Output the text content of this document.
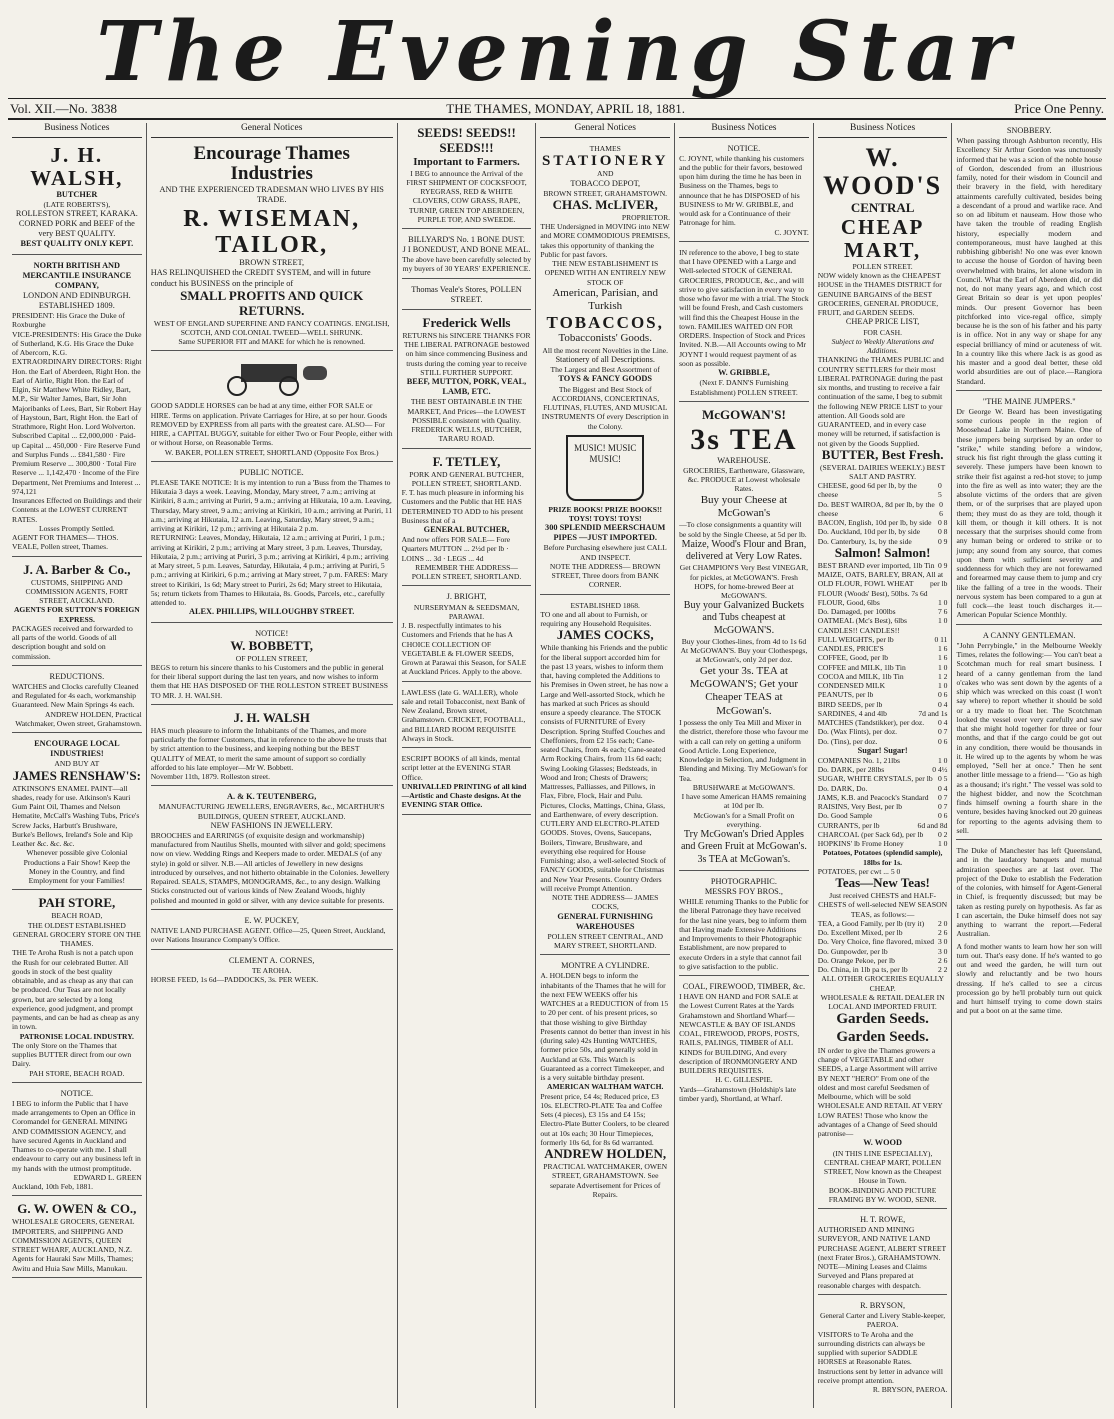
The Evening Star
Vol. XII.—No. 3838	THE THAMES, MONDAY, APRIL 18, 1881.	Price One Penny.
Business Notices
J. H. WALSH,
BUTCHER
(LATE ROBERTS'S),
ROLLESTON STREET, KARAKA.
CORNED PORK and BEEF of the very BEST QUALITY.
BEST QUALITY ONLY KEPT.
NORTH BRITISH AND MERCANTILE INSURANCE COMPANY,
LONDON AND EDINBURGH.
ESTABLISHED 1809.
PRESIDENT: His Grace the Duke of Roxburghe
VICE-PRESIDENTS: His Grace the Duke of Sutherland, K.G. His Grace the Duke of Abercorn, K.G.
EXTRAORDINARY DIRECTORS: Right Hon. the Earl of Aberdeen, Right Hon. the Earl of Airlie, Right Hon. the Earl of Elgin, Sir Matthew White Ridley, Bart, M.P., Sir Walter James, Bart, Sir John Majoribanks of Lees, Bart, Sir Robert Hay of Haystoun, Bart, Right Hon. the Earl of Strathmore, Right Hon. Lord Wolverton.
Subscribed Capital ... £2,000,000 · Paid-up Capital ... 450,000 · Fire Reserve Fund and Surplus Funds ... £841,580 · Fire Premium Reserve ... 300,800 · Total Fire Reserve ... 1,142,470 · Income of the Fire Department, Net Premiums and Interest ... 974,121
Insurances Effected on Buildings and their Contents at the LOWEST CURRENT RATES.
Losses Promptly Settled.
AGENT FOR THAMES— THOS. VEALE, Pollen street, Thames.
J. A. Barber & Co.,
CUSTOMS, SHIPPING AND COMMISSION AGENTS, FORT STREET, AUCKLAND.
AGENTS FOR SUTTON'S FOREIGN EXPRESS.
PACKAGES received and forwarded to all parts of the world. Goods of all description bought and sold on commission.
REDUCTIONS.
WATCHES and Clocks carefully Cleaned and Regulated for 4s each, workmanship Guaranteed. New Main Springs 4s each.
ANDREW HOLDEN, Practical Watchmaker, Owen street, Grahamstown.
ENCOURAGE LOCAL INDUSTRIES!
AND BUY AT
JAMES RENSHAW'S:
ATKINSON'S ENAMEL PAINT—all shades, ready for use. Atkinson's Kauri Gum Paint Oil, Thames and Nelson Hematite, McCall's Washing Tubs, Price's Screw Jacks, Harbutt's Brushware, Burke's Bellows, Ireland's Sole and Kip Leather &c. &c. &c.
Whenever possible give Colonial Productions a Fair Show! Keep the Money in the Country, and find Employment for your Families!
PAH STORE,
BEACH ROAD,
THE OLDEST ESTABLISHED GENERAL GROCERY STORE ON THE THAMES.
THE Te Aroha Rush is not a patch upon the Rush for our celebrated Butter. All goods in stock of the best quality obtainable, and as cheap as any that can be produced. Our Teas are not locally grown, but are selected by a long experience, good judgment, and prompt payments, and can be had as cheap as any in town.
PATRONISE LOCAL INDUSTRY.
The only Store on the Thames that supplies BUTTER direct from our own Dairy.
PAH STORE, BEACH ROAD.
NOTICE.
I BEG to inform the Public that I have made arrangements to Open an Office in Coromandel for GENERAL MINING AND COMMISSION AGENCY, and have secured Agents in Auckland and Thames to co-operate with me. I shall endeavour to carry out any business left in my hands with the utmost promptitude.
EDWARD L. GREEN
Auckland, 10th Feb, 1881.
G. W. OWEN & CO.,
WHOLESALE GROCERS, GENERAL IMPORTERS, and SHIPPING AND COMMISSION AGENTS, QUEEN STREET WHARF, AUCKLAND, N.Z.
Agents for Hauraki Saw Mills, Thames; Awitu and Huia Saw Mills, Manukau.
General Notices
Encourage Thames Industries
AND THE EXPERIENCED TRADESMAN WHO LIVES BY HIS TRADE.
R. WISEMAN, TAILOR,
BROWN STREET,
HAS RELINQUISHED the CREDIT SYSTEM, and will in future conduct his BUSINESS on the principle of
SMALL PROFITS AND QUICK RETURNS.
WEST OF ENGLAND SUPERFINE AND FANCY COATINGS. ENGLISH, SCOTCH, AND COLONIAL TWEED—WELL SHRUNK.
Same SUPERIOR FIT and MAKE for which he is renowned.
GOOD SADDLE HORSES can be had at any time, either FOR SALE or HIRE. Terms on application. Private Carriages for Hire, at so per hour. Goods REMOVED by EXPRESS from all parts with the greatest care. ALSO— For HIRE, a CAPITAL BUGGY, suitable for either Two or Four People, either with or without Horse, on Reasonable Terms.
W. BAKER, POLLEN STREET, SHORTLAND (Opposite Fox Bros.)
PUBLIC NOTICE.
PLEASE TAKE NOTICE: It is my intention to run a 'Buss from the Thames to Hikutaia 3 days a week. Leaving, Monday, Mary street, 7 a.m.; arriving at Kirikiri, 8 a.m.; arriving at Puriri, 9 a.m.; arriving at Hikutaia, 10 a.m. Leaving, Thursday, Mary street, 9 a.m.; arriving at Kirikiri, 10 a.m.; arriving at Puriri, 11 a.m.; arriving at Hikutaia, 12 a.m. Leaving, Saturday, Mary street, 9 a.m.; arriving at Kirikiri, 12 p.m.; arriving at Hikutaia 2 p.m.
RETURNING: Leaves, Monday, Hikutaia, 12 a.m.; arriving at Puriri, 1 p.m.; arriving at Kirikiri, 2 p.m.; arriving at Mary street, 3 p.m. Leaves, Thursday, Hikutaia, 2 p.m.; arriving at Puriri, 3 p.m.; arriving at Kirikiri, 4 p.m.; arriving at Mary street, 5 p.m. Leaves, Saturday, Hikutaia, 4 p.m.; arriving at Puriri, 5 p.m.; arriving at Kirikiri, 6 p.m.; arriving at Mary street, 7 p.m. FARES: Mary street to Kirikiri, 1s 6d; Mary street to Puriri, 2s 6d; Mary street to Hikutaia, 5s; return tickets from Thames to Hikutaia, 8s. Goods, Parcels, etc., carefully attended to.
ALEX. PHILLIPS, WILLOUGHBY STREET.
NOTICE!
W. BOBBETT,
OF POLLEN STREET,
BEGS to return his sincere thanks to his Customers and the public in general for their liberal support during the last ten years, and now wishes to inform them that HE HAS DISPOSED OF THE ROLLESTON STREET BUSINESS TO MR. J. H. WALSH.
J. H. WALSH
HAS much pleasure to inform the Inhabitants of the Thames, and more particularly the former Customers, that in reference to the above he trusts that by strict attention to the business, and keeping nothing but the BEST QUALITY of MEAT, to merit the same amount of support so cordially afforded to his late employer—Mr W. Bobbett.
November 11th, 1879. Rolleston street.
A. & K. TEUTENBERG,
MANUFACTURING JEWELLERS, ENGRAVERS, &c., MCARTHUR'S BUILDINGS, QUEEN STREET, AUCKLAND.
NEW FASHIONS IN JEWELLERY.
BROOCHES and EARRINGS (of exquisite design and workmanship) manufactured from Nautilus Shells, mounted with silver and gold; specimens now on view. Wedding Rings and Keepers made to order. MEDALS (of any style) in gold or silver. N.B.—All articles of Jewellery in new designs introduced by ourselves, and not hitherto obtainable in the Colonies. Jewellery Repaired. SEALS, STAMPS, MONOGRAMS, &c., to any design. Walking Sticks constructed out of various kinds of New Zealand Woods, highly polished and mounted in gold or silver, with any device suitable for presents.
E. W. PUCKEY,
NATIVE LAND PURCHASE AGENT. Office—25, Queen Street, Auckland, over Nations Insurance Company's Office.
CLEMENT A. CORNES,
TE AROHA.
HORSE FEED, 1s 6d—PADDOCKS, 3s. PER WEEK.
SEEDS! SEEDS!! SEEDS!!!
Important to Farmers.
I BEG to announce the Arrival of the FIRST SHIPMENT OF COCKSFOOT, RYEGRASS, RED & WHITE CLOVERS, COW GRASS, RAPE, TURNIP, GREEN TOP ABERDEEN, PURPLE TOP, AND SWEEDE.
BILLYARD'S No. 1 BONE DUST.
J I BONEDUST, AND BONE MEAL.
The above have been carefully selected by my buyers of 30 YEARS' EXPERIENCE.
Thomas Veale's Stores, POLLEN STREET.
Frederick Wells
RETURNS his SINCERE THANKS FOR THE LIBERAL PATRONAGE bestowed on him since commencing Business and trusts during the coming year to receive STILL FURTHER SUPPORT.
BEEF, MUTTON, PORK, VEAL, LAMB, ETC.
THE BEST OBTAINABLE IN THE MARKET, And Prices—the LOWEST POSSIBLE consistent with Quality.
FREDERICK WELLS, BUTCHER, TARARU ROAD.
F. TETLEY,
PORK AND GENERAL BUTCHER, POLLEN STREET, SHORTLAND.
F. T. has much pleasure in informing his Customers and the Public that HE HAS DETERMINED TO ADD to his present Business that of a
GENERAL BUTCHER,
And now offers FOR SALE— Fore Quarters MUTTON ... 2½d per lb · LOINS ... 3d · LEGS ... 4d
REMEMBER THE ADDRESS— POLLEN STREET, SHORTLAND.
J. BRIGHT,
NURSERYMAN & SEEDSMAN, PARAWAI.
J. B. respectfully intimates to his Customers and Friends that he has A CHOICE COLLECTION OF VEGETABLE & FLOWER SEEDS, Grown at Parawai this Season, for SALE at Auckland Prices. Apply to the above.
LAWLESS (late G. WALLER), whole sale and retail Tobacconist, next Bank of New Zealand, Brown street, Grahamstown. CRICKET, FOOTBALL, and BILLIARD ROOM REQUISITE Always in Stock.
ESCRIPT BOOKS of all kinds, mental script letter at the EVENING STAR Office.
UNRIVALLED PRINTING of all kind —Artistic and Chaste designs. At the EVENING STAR Office.
General Notices
THAMES
STATIONERY
AND
TOBACCO DEPOT,
BROWN STREET, GRAHAMSTOWN.
CHAS. McLIVER,
PROPRIETOR.
THE Undersigned in MOVING into NEW and MORE COMMODIOUS PREMISES, takes this opportunity of thanking the Public for past favors.
THE NEW ESTABLISHMENT IS OPENED WITH AN ENTIRELY NEW STOCK OF
American, Parisian, and Turkish
TOBACCOS,
Tobacconists' Goods.
All the most recent Novelties in the Line.
Stationery of all Descriptions.
The Largest and Best Assortment of
TOYS & FANCY GOODS
The Biggest and Best Stock of ACCORDIANS, CONCERTINAS, FLUTINAS, FLUTES, AND MUSICAL INSTRUMENTS Of every Description in the Colony.
MUSIC! MUSIC MUSIC!
PRIZE BOOKS! PRIZE BOOKS!! TOYS! TOYS! TOYS!
300 SPLENDID MEERSCHAUM PIPES —JUST IMPORTED.
Before Purchasing elsewhere just CALL AND INSPECT.
NOTE THE ADDRESS— BROWN STREET, Three doors from BANK CORNER.
ESTABLISHED 1868.
TO one and all about to Furnish, or requiring any Household Requisites.
JAMES COCKS,
While thanking his Friends and the public for the liberal support accorded him for the past 13 years, wishes to inform them that, having completed the Additions to his Premises in Owen street, he has now a Large and Well-assorted Stock, which he has marked at such Prices as should ensure a speedy clearance. The STOCK consists of FURNITURE of Every Description. Spring Stuffed Couches and Cheffoniers, from £2 15s each; Cane-seated Chairs, from 4s each; Cane-seated Arm Rocking Chairs, from 11s 6d each; Swing Looking Glasses; Bedsteads, in Wood and Iron; Chests of Drawers; Mattresses, Palliasses, and Pillows, in Flax, Fibre, Flock, Hair and Pulu. Pictures, Clocks, Mattings, China, Glass, and Earthenware, of every description. CUTLERY AND ELECTRO-PLATED GOODS. Stoves, Ovens, Saucepans, Boilers, Tinware, Brushware, and everything else required for House Furnishing; also, a well-selected Stock of FANCY GOODS, suitable for Christmas and New Year Presents. Country Orders will receive Prompt Attention.
NOTE THE ADDRESS— JAMES COCKS,
GENERAL FURNISHING WAREHOUSES
POLLEN STREET CENTRAL, AND MARY STREET, SHORTLAND.
MONTRE A CYLINDRE.
A. HOLDEN begs to inform the inhabitants of the Thames that he will for the next FEW WEEKS offer his WATCHES at a REDUCTION of from 15 to 20 per cent. of his present prices, so that those wishing to give Birthday Presents cannot do better than invest in his (during sale) 42s Hunting WATCHES, former price 50s, and generally sold in Auckland at 63s. This Watch is Guaranteed as a correct Timekeeper, and is a very suitable birthday present.
AMERICAN WALTHAM WATCH.
Present price, £4 4s; Reduced price, £3 10s. ELECTRO-PLATE Tea and Coffee Sets (4 pieces), £3 15s and £4 15s; Electro-Plate Butter Coolers, to be cleared out at 10s each; 30 Hour Timepieces, formerly 10s 6d, for 8s 6d warranted.
ANDREW HOLDEN,
PRACTICAL WATCHMAKER, OWEN STREET, GRAHAMSTOWN. See separate Advertisement for Prices of Repairs.
Business Notices
NOTICE.
C. JOYNT, while thanking his customers and the public for their favors, bestowed upon him during the time he has been in Business on the Thames, begs to announce that he has DISPOSED of his BUSINESS to Mr W. GRIBBLE, and would ask for a Continuance of their Patronage for him.
C. JOYNT.
IN reference to the above, I beg to state that I have OPENED with a Large and Well-selected STOCK of GENERAL GROCERIES, PRODUCE, &c., and will strive to give satisfaction in every way to those who favor me with a trial. The Stock will be found Fresh, and Cash customers will find this the Cheapest House in the town. FAMILIES WAITED ON FOR ORDERS. Inspection of Stock and Prices Invited. N.B.—All Accounts owing to Mr JOYNT I would request payment of as soon as possible.
W. GRIBBLE,
(Next F. DANN'S Furnishing Establishment) POLLEN STREET.
McGOWAN'S!
3s TEA
WAREHOUSE.
GROCERIES, Earthenware, Glassware, &c. PRODUCE at Lowest wholesale Rates.
Buy your Cheese at McGowan's
—To close consignments a quantity will be sold by the Single Cheese, at 5d per lb.
Maize, Wood's Flour and Bran, delivered at Very Low Rates.
Get CHAMPION'S Very Best VINEGAR, for pickles, at McGOWAN'S. Fresh HOPS, for home-brewed Beer at McGOWAN'S.
Buy your Galvanized Buckets and Tubs cheapest at McGOWAN'S.
Buy your Clothes-lines, from 4d to 1s 6d At McGOWAN'S. Buy your Clothespegs, at McGowan's, only 2d per doz.
Get your 3s. TEA at McGOWAN'S; Get your Cheaper TEAS at McGowan's.
I possess the only Tea Mill and Mixer in the district, therefore those who favour me with a call can rely on getting a uniform Good Article. Long Experience, Knowledge in Selection, and Judgment in Blending and Mixing. Try McGowan's for Tea.
BRUSHWARE at McGOWAN'S.
I have some American HAMS remaining at 10d per lb.
McGowan's for a Small Profit on everything.
Try McGowan's Dried Apples and Green Fruit at McGowan's.
3s TEA at McGowan's.
PHOTOGRAPHIC.
MESSRS FOY BROS.,
WHILE returning Thanks to the Public for the liberal Patronage they have received for the last nine years, beg to inform them that Having made Extensive Additions and Improvements to their Photographic Establishment, are now prepared to execute Orders in a style that cannot fail to give satisfaction to the public.
COAL, FIREWOOD, TIMBER, &c.
I HAVE ON HAND and FOR SALE at the Lowest Current Rates at the Yards Grahamstown and Shortland Wharf— NEWCASTLE & BAY OF ISLANDS COAL, FIREWOOD, PROPS, POSTS, RAILS, PALINGS, TIMBER of ALL KINDS for BUILDING, And every description of IRONMONGERY AND BUILDERS REQUISITES.
H. C. GILLESPIE.
Yards—Grahamstown (Holdship's late timber yard), Shortland, at Wharf.
Business Notices
W. WOOD'S
CENTRAL
CHEAP MART,
POLLEN STREET.
NOW widely known as the CHEAPEST HOUSE in the THAMES DISTRICT for GENUINE BARGAINS of the BEST GROCERIES, GENERAL PRODUCE, FRUIT, and GARDEN SEEDS.
CHEAP PRICE LIST,
FOR CASH.
Subject to Weekly Alterations and Additions.
THANKING the THAMES PUBLIC and COUNTRY SETTLERS for their most LIBERAL PATRONAGE during the past six months, and trusting to receive a fair continuation of the same, I beg to submit the following NEW PRICE LIST to your attention. All Goods sold are GUARANTEED, and in every case money will be returned, if satisfaction is not given by the Goods Supplied.
BUTTER, Best Fresh.
(SEVERAL DAIRIES WEEKLY.) BEST SALT AND PASTRY.
CHEESE, good 6d per lb, by the cheese
0 5
Do. BEST WAIROA, 8d per lb, by the cheese
0 6
BACON, English, 10d per lb, by side 0 8
Do. Auckland, 10d per lb, by side 0 8
Do. Canterbury, 1s, by the side	0 9
Salmon! Salmon!
BEST BRAND ever imported, 1lb Tin 0 9
MAIZE, OATS, BARLEY, BRAN, All at
OLD FLOUR, FOWL WHEAT per lb
FLOUR (Woods' Best), 50lbs. 7s 6d
FLOUR, Good, 6lbs	1 0
Do. Damaged, per 100lbs	7 6
OATMEAL (Mc's Best), 6lbs	1 0
CANDLES!! CANDLES!!
FULL WEIGHTS, per lb	0 11
CANDLES, PRICE'S	1 6
COFFEE, Good, per lb	1 6
COFFEE and MILK, 1lb Tin	1 0
COCOA and MILK, 1lb Tin	1 2
CONDENSED MILK	1 0
PEANUTS, per lb	0 6
BIRD SEEDS, per lb	0 4
SARDINES, 4 and 4lb	7d and 1s
MATCHES (Tandstikker), per doz. 0 4
Do. (Wax Flints), per doz.	0 7
Do. (Tins), per doz.	0 6
Sugar! Sugar!
COMPANIES No. 1, 21lbs	1 0
Do. DARK, per 28lbs	0 4½
SUGAR, WHITE CRYSTALS, per lb 0 5
Do. DARK, Do.	0 4
JAMS, K.B. and Peacock's Standard 0 7
RAISINS, Very Best, per lb	0 7
Do. Good Sample	0 6
CURRANTS, per lb	6d and 8d
CHARCOAL (per Sack 6d), per lb 0 2
HOPKINS' lb Frome Honey	1 0
Potatoes, Potatoes (splendid sample), 18lbs for 1s.
POTATOES, per cwt ... 5 0
Teas—New Teas!
Just received CHESTS and HALF-CHESTS of well-selected NEW SEASON TEAS, as follows:—
TEA, a Good Family, per lb (try it) 2 0
Do. Excellent Mixed, per lb	2 6
Do. Very Choice, fine flavored, mixed 3 0
Do. Gunpowder, per lb	3 0
Do. Orange Pekoe, per lb	2 6
Do. China, in 1lb pa ts, per lb	2 2
ALL OTHER GROCERIES EQUALLY CHEAP.
WHOLESALE & RETAIL DEALER IN LOCAL AND IMPORTED FRUIT.
Garden Seeds.
Garden Seeds.
IN order to give the Thames growers a change of VEGETABLE and other SEEDS, a Large Assortment will arrive BY NEXT "HERO" From one of the oldest and most careful Seedsmen of Melbourne, which will be sold WHOLESALE AND RETAIL AT VERY LOW RATES! Those who know the advantages of a Change of Seed should patronise—
W. WOOD
(IN THIS LINE ESPECIALLY), CENTRAL CHEAP MART, POLLEN STREET, Now known as the Cheapest House in Town.
BOOK-BINDING AND PICTURE FRAMING BY W. WOOD, SENR.
H. T. ROWE,
AUTHORISED AND MINING SURVEYOR, AND NATIVE LAND PURCHASE AGENT, ALBERT STREET (next Frater Bros.), GRAHAMSTOWN. NOTE—Mining Leases and Claims Surveyed and Plans prepared at reasonable charges with despatch.
R. BRYSON,
General Carter and Livery Stable-keeper, PAEROA.
VISITORS to Te Aroha and the surrounding districts can always be supplied with superior SADDLE HORSES at Reasonable Rates. Instructions sent by letter in advance will receive prompt attention.
R. BRYSON, PAEROA.
SNOBBERY.
When passing through Ashburton recently, His Excellency Sir Arthur Gordon was unctuously informed that he was a scion of the noble house of Gordon, descended from an illustrious family, noted for their wisdom in Council and their bravery in the field, with hereditary attainments carefully cultivated, besides being a descendant of a proud and warlike race. And so on ad libitum et nauseam. How those who have taken the trouble of reading English history, especially modern and contemporaneous, must have laughed at this rubbishing gibberish! No one was ever known to accuse the house of Gordon of having been overwhelmed with brains, let alone wisdom in Council. What the Earl of Aberdeen did, or did not, do not many years ago, and which cost Great Britain so dear is yet upon peoples' minds. Our present Governor has been pitchforked into vice-regal office, simply because he is the son of his father and his party is in office. Not in any way or shape for any especial brilliancy of mind or acuteness of wit. In a country like this where Jack is as good as his master and a good deal better, these old world absurdities are out of place.—Rangiora Standard.
"THE MAINE JUMPERS."
Dr George W. Beard has been investigating some curious people in the region of Moosehead Lake in Northern Maine. One of these jumpers being surprised by an order to "strike," while standing before a window, struck his fist right through the glass cutting it severely. These jumpers have been known to strike their fist against a red-hot stove; to jump into the fire as well as into water; they are the absolute victims of the orders that are given them, or of the surprises that are played upon them; they must do as they are told, though it kill them, or though it kill others. It is not necessary that the surprises should come from any human being or ordered to strike or to jump; any sound from any source, that comes upon them with sufficient severity and suddenness for which they are not forewarned and forearmed may cause them to jump and cry like the falling of a tree in the woods. Their nervous system has been compared to a gun at full cock—the least touch discharges it.—American Popular Science Monthly.
A CANNY GENTLEMAN.
"John Perrybingle," in the Melbourne Weekly Times, relates the following:— You can't beat a Scotchman much for real smart business. I heard of a canny gentleman from the land o'cakes who was sent down by the agents of a ship which was wrecked on this coast (I won't say where) to report whether it should be sold or a try made to float her. The Scotchman looked the vessel over very carefully and saw that she might hold together for three or four months, and that if the cargo could be got out in any condition, there would be thousands in it. He wired up to the agents by whom he was employed, "Sell her at once." Then he sent another little message to a friend— "Go as high as a thousand; it's right." The vessel was sold to the highest bidder, and now the Scotchman finds himself owning a fourth share in the venture, besides having knocked out 20 guineas for reporting to the agents advising them to sell.
The Duke of Manchester has left Queensland, and in the laudatory banquets and mutual admiration speeches are at last over. The project of the Duke to establish the Federation of the colonies, with himself for Agent-General in Chief, is frequently discussed; but may be taken as resting purely on hypothesis. As far as I can ascertain, the Duke himself does not say anything to warrant the report.—Federal Australian.
A fond mother wants to learn how her son will turn out. That's easy done. If he's wanted to go out and weed the garden, he will turn out slowly and reluctantly and be two hours dressing. If he's called to see a circus procession go by he'll probably turn out quick and hurt himself trying to come down stairs and put a boot on at the same time.
